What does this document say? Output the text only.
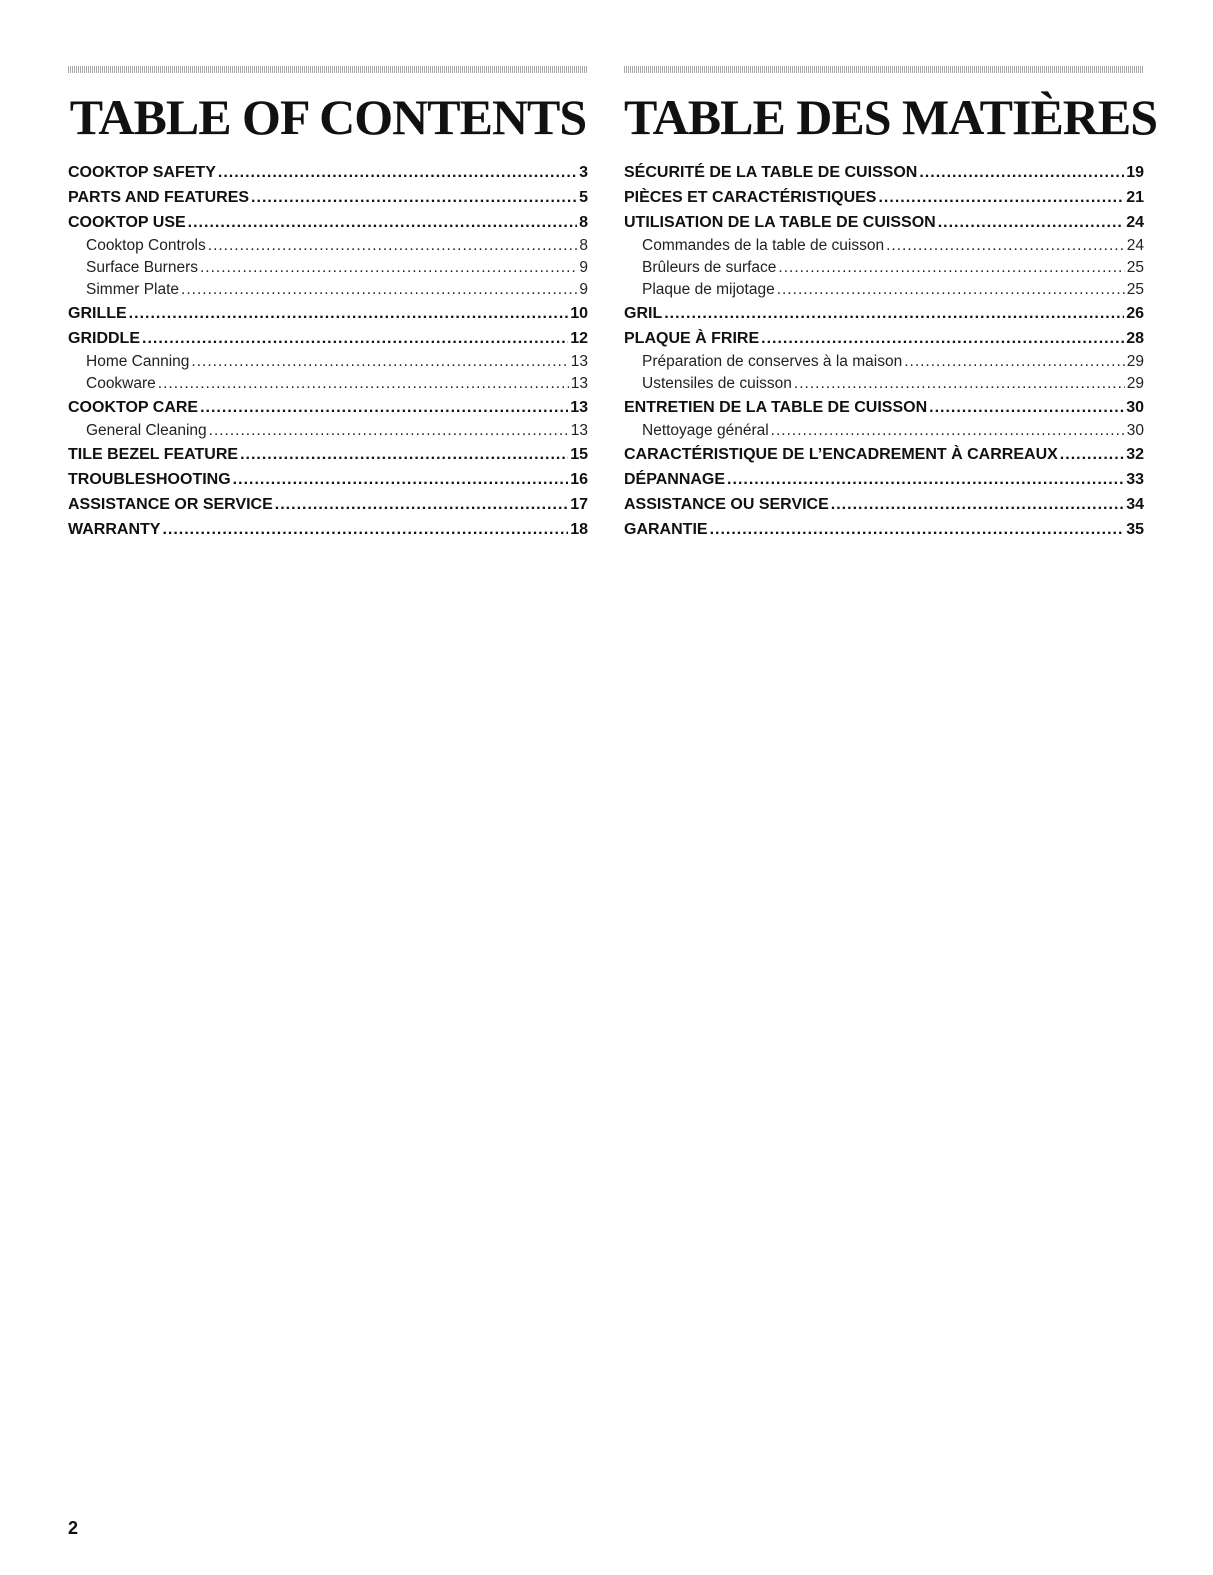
TABLE OF CONTENTS
COOKTOP SAFETY .....	3
PARTS AND FEATURES .....	5
COOKTOP USE .....	8
Cooktop Controls .....	8
Surface Burners .....	9
Simmer Plate .....	9
GRILLE .....	10
GRIDDLE .....	12
Home Canning .....	13
Cookware .....	13
COOKTOP CARE .....	13
General Cleaning .....	13
TILE BEZEL FEATURE .....	15
TROUBLESHOOTING .....	16
ASSISTANCE OR SERVICE .....	17
WARRANTY .....	18
TABLE DES MATIÈRES
SÉCURITÉ DE LA TABLE DE CUISSON .....	19
PIÈCES ET CARACTÉRISTIQUES .....	21
UTILISATION DE LA TABLE DE CUISSON .....	24
Commandes de la table de cuisson .....	24
Brûleurs de surface .....	25
Plaque de mijotage .....	25
GRIL .....	26
PLAQUE À FRIRE .....	28
Préparation de conserves à la maison .....	29
Ustensiles de cuisson .....	29
ENTRETIEN DE LA TABLE DE CUISSON .....	30
Nettoyage général .....	30
CARACTÉRISTIQUE DE L’ENCADREMENT À CARREAUX .....	32
DÉPANNAGE .....	33
ASSISTANCE OU SERVICE .....	34
GARANTIE .....	35
2
